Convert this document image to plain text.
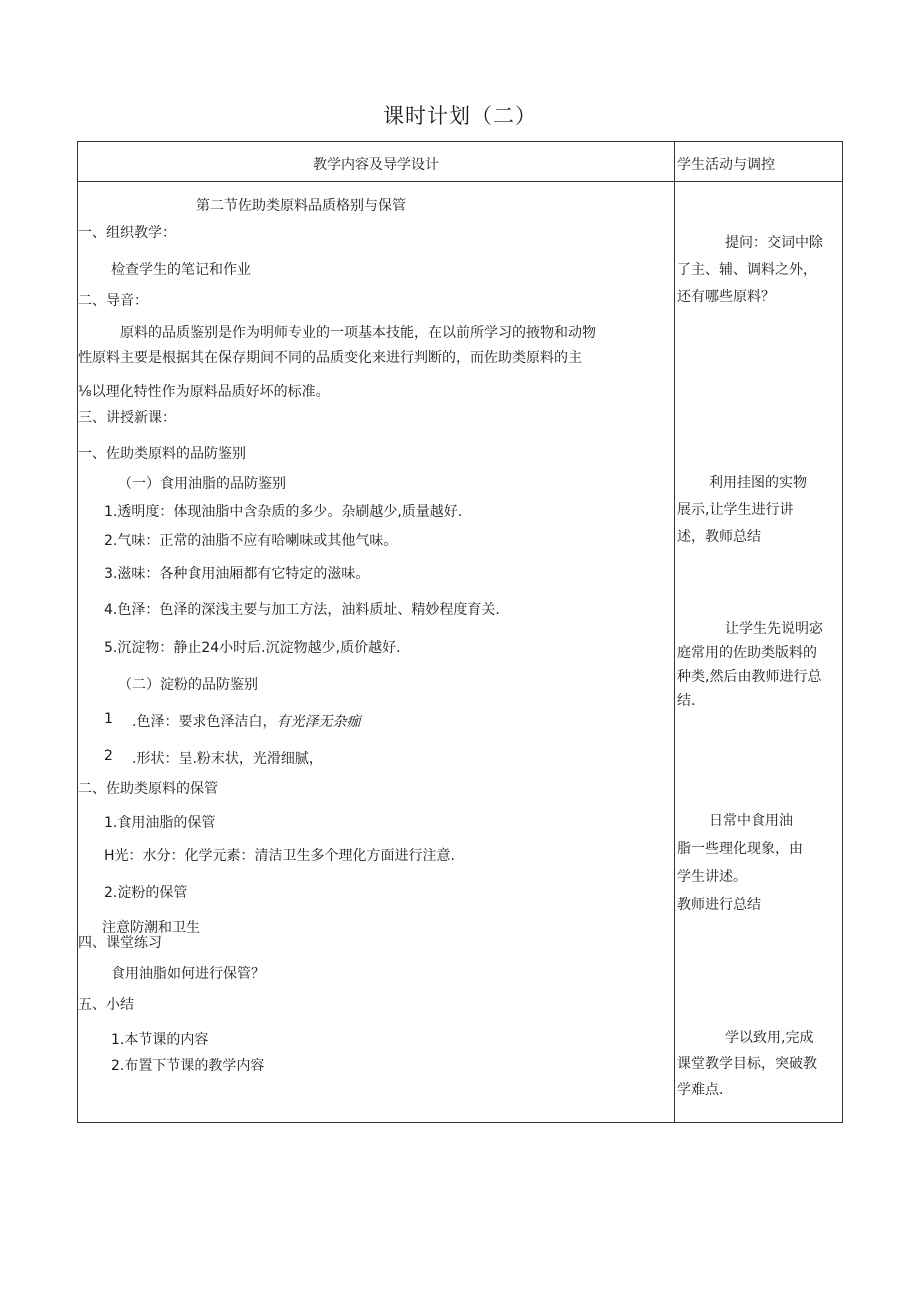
课时计划（二）
教学内容及导学设计	学生活动与调控
第二节佐助类原料品质格别与保管
一、组织教学：
检查学生的笔记和作业
二、导音：
原料的品质鉴别是作为明师专业的一项基本技能，在以前所学习的掖物和动物
性原料主要是根据其在保存期间不同的品质变化来进行判断的，而佐助类原料的主
⅛以理化特性作为原料品质好坏的标准。
三、讲授新课：
一、佐助类原料的品防鉴别
（一）食用油脂的品防鉴别
1.透明度：体现油脂中含杂质的多少。杂刷越少,质量越好.
2.气味：正常的油脂不应有哈喇味或其他气味。
3.滋味：各种食用油厢都有它特定的滋味。
4.色泽：色泽的深浅主要与加工方法，油料质址、精妙程度育关.
5.沉淀物：静止24小时后.沉淀物越少,质价越好.
（二）淀粉的品防鉴别
1 .色泽：要求色泽洁白，有光泽无杂痂
2 .形状：呈.粉末状，光滑细腻，
二、佐助类原料的保管
1.食用油脂的保管
H光：水分：化学元素：清洁卫生多个理化方面进行注意.
2.淀粉的保管
注意防潮和卫生
四、课堂练习
食用油脂如何进行保管？
五、小结
1.本节课的内容
2.布置下节课的教学内容
提问：交词中除
了主、辅、调料之外，
还有哪些原料？
利用挂图的实物
展示,让学生进行讲
述，教师总结
让学生先说明宓
庭常用的佐助类版料的
种类,然后由教师进行总
结.
日常中食用油
脂一些理化现象，由
学生讲述。
教师进行总结
学以致用,完成
课堂教学目标，突破教
学难点.
